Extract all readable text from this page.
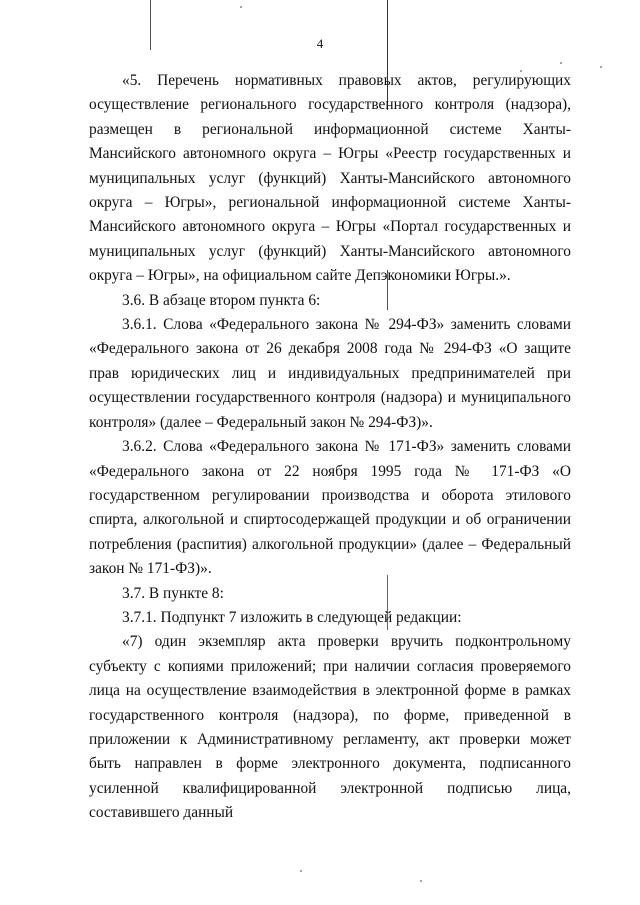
4

«5. Перечень нормативных правовых актов, регулирующих осуществление регионального государственного контроля (надзора), размещен в региональной информационной системе Ханты-Мансийского автономного округа – Югры «Реестр государственных и муниципальных услуг (функций) Ханты-Мансийского автономного округа – Югры», региональной информационной системе Ханты-Мансийского автономного округа – Югры «Портал государственных и муниципальных услуг (функций) Ханты-Мансийского автономного округа – Югры», на официальном сайте Депэкономики Югры.».

3.6. В абзаце втором пункта 6:

3.6.1. Слова «Федерального закона № 294-ФЗ» заменить словами «Федерального закона от 26 декабря 2008 года № 294-ФЗ «О защите прав юридических лиц и индивидуальных предпринимателей при осуществлении государственного контроля (надзора) и муниципального контроля» (далее – Федеральный закон № 294-ФЗ)».

3.6.2. Слова «Федерального закона № 171-ФЗ» заменить словами «Федерального закона от 22 ноября 1995 года № 171-ФЗ «О государственном регулировании производства и оборота этилового спирта, алкогольной и спиртосодержащей продукции и об ограничении потребления (распития) алкогольной продукции» (далее – Федеральный закон № 171-ФЗ)».

3.7. В пункте 8:

3.7.1. Подпункт 7 изложить в следующей редакции:

«7) один экземпляр акта проверки вручить подконтрольному субъекту с копиями приложений; при наличии согласия проверяемого лица на осуществление взаимодействия в электронной форме в рамках государственного контроля (надзора), по форме, приведенной в приложении к Административному регламенту, акт проверки может быть направлен в форме электронного документа, подписанного усиленной квалифицированной электронной подписью лица, составившего данный
